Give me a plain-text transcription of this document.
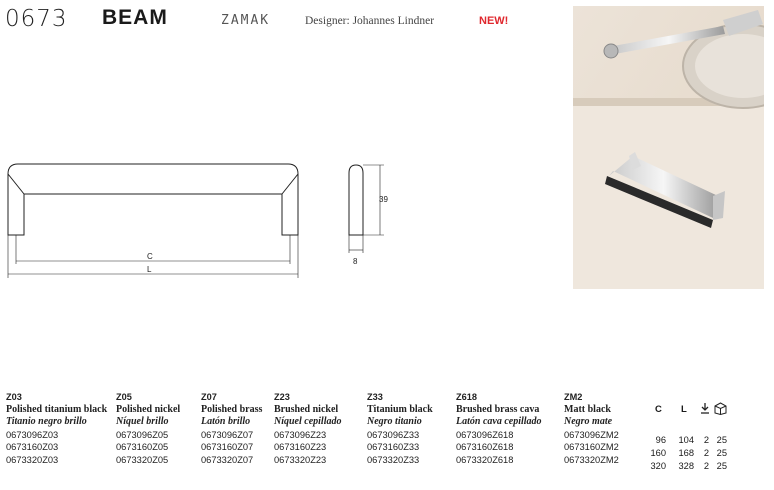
0673 BEAM	ZAMAK	Designer: Johannes Lindner	NEW!
C
L
39
8
Z03
Polished titanium black
Titanio negro brillo
0673096Z03
0673160Z03
0673320Z03
Z05
Polished nickel
Níquel brillo
0673096Z05
0673160Z05
0673320Z05
Z07
Polished brass
Latón brillo
0673096Z07
0673160Z07
0673320Z07
Z23
Brushed nickel
Níquel cepillado
0673096Z23
0673160Z23
0673320Z23
Z33
Titanium black
Negro titanio
0673096Z33
0673160Z33
0673320Z33
Z618
Brushed brass cava
Latón cava cepillado
0673096Z618
0673160Z618
0673320Z618
ZM2
Matt black
Negro mate
0673096ZM2
0673160ZM2
0673320ZM2
C L
96	104	2 25
160	168	2 25
320	328	2 25
